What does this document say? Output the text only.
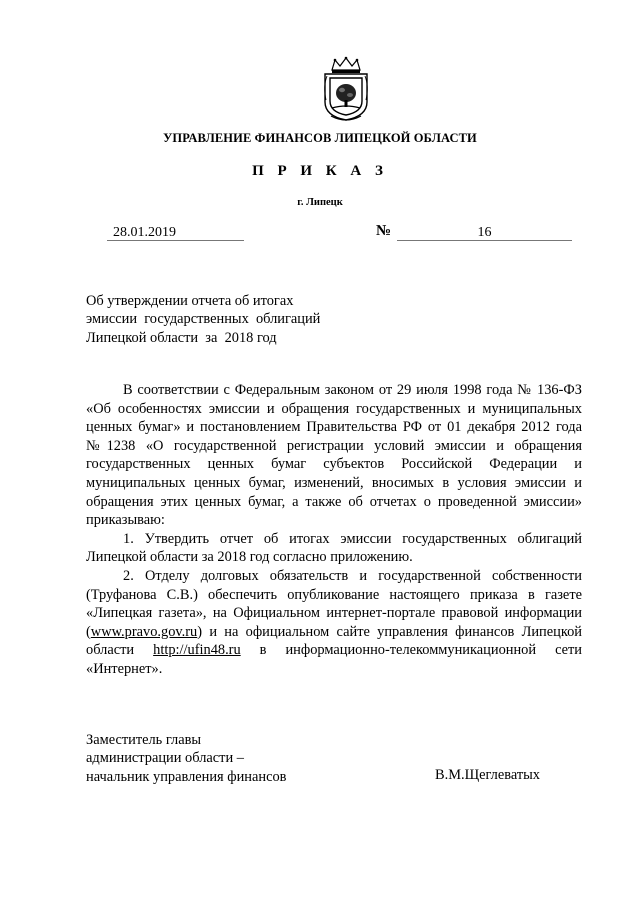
УПРАВЛЕНИЕ ФИНАНСОВ ЛИПЕЦКОЙ ОБЛАСТИ
П Р И К А З
г. Липецк
28.01.2019	№	16
Об утверждении отчета об итогах
эмиссии  государственных  облигаций
Липецкой области  за  2018 год

В соответствии с Федеральным законом от 29 июля 1998 года № 136-ФЗ «Об особенностях эмиссии и обращения государственных и муниципальных ценных бумаг» и постановлением Правительства РФ от 01 декабря 2012 года №1238 «О государственной регистрации условий эмиссии и обращения государственных ценных бумаг субъектов Российской Федерации и муниципальных ценных бумаг, изменений, вносимых в условия эмиссии и обращения этих ценных бумаг, а также об отчетах о проведенной эмиссии» приказываю:

1. Утвердить отчет об итогах эмиссии государственных облигаций Липецкой области за 2018 год согласно приложению.

2. Отделу долговых обязательств и государственной собственности (Труфанова С.В.) обеспечить опубликование настоящего приказа в газете «Липецкая газета», на Официальном интернет-портале правовой информации (www.pravo.gov.ru) и на официальном сайте управления финансов Липецкой области http://ufin48.ru в информационно-телекоммуникационной сети «Интернет».

Заместитель главы
администрации области –
начальник управления финансов	В.М.Щеглеватых
